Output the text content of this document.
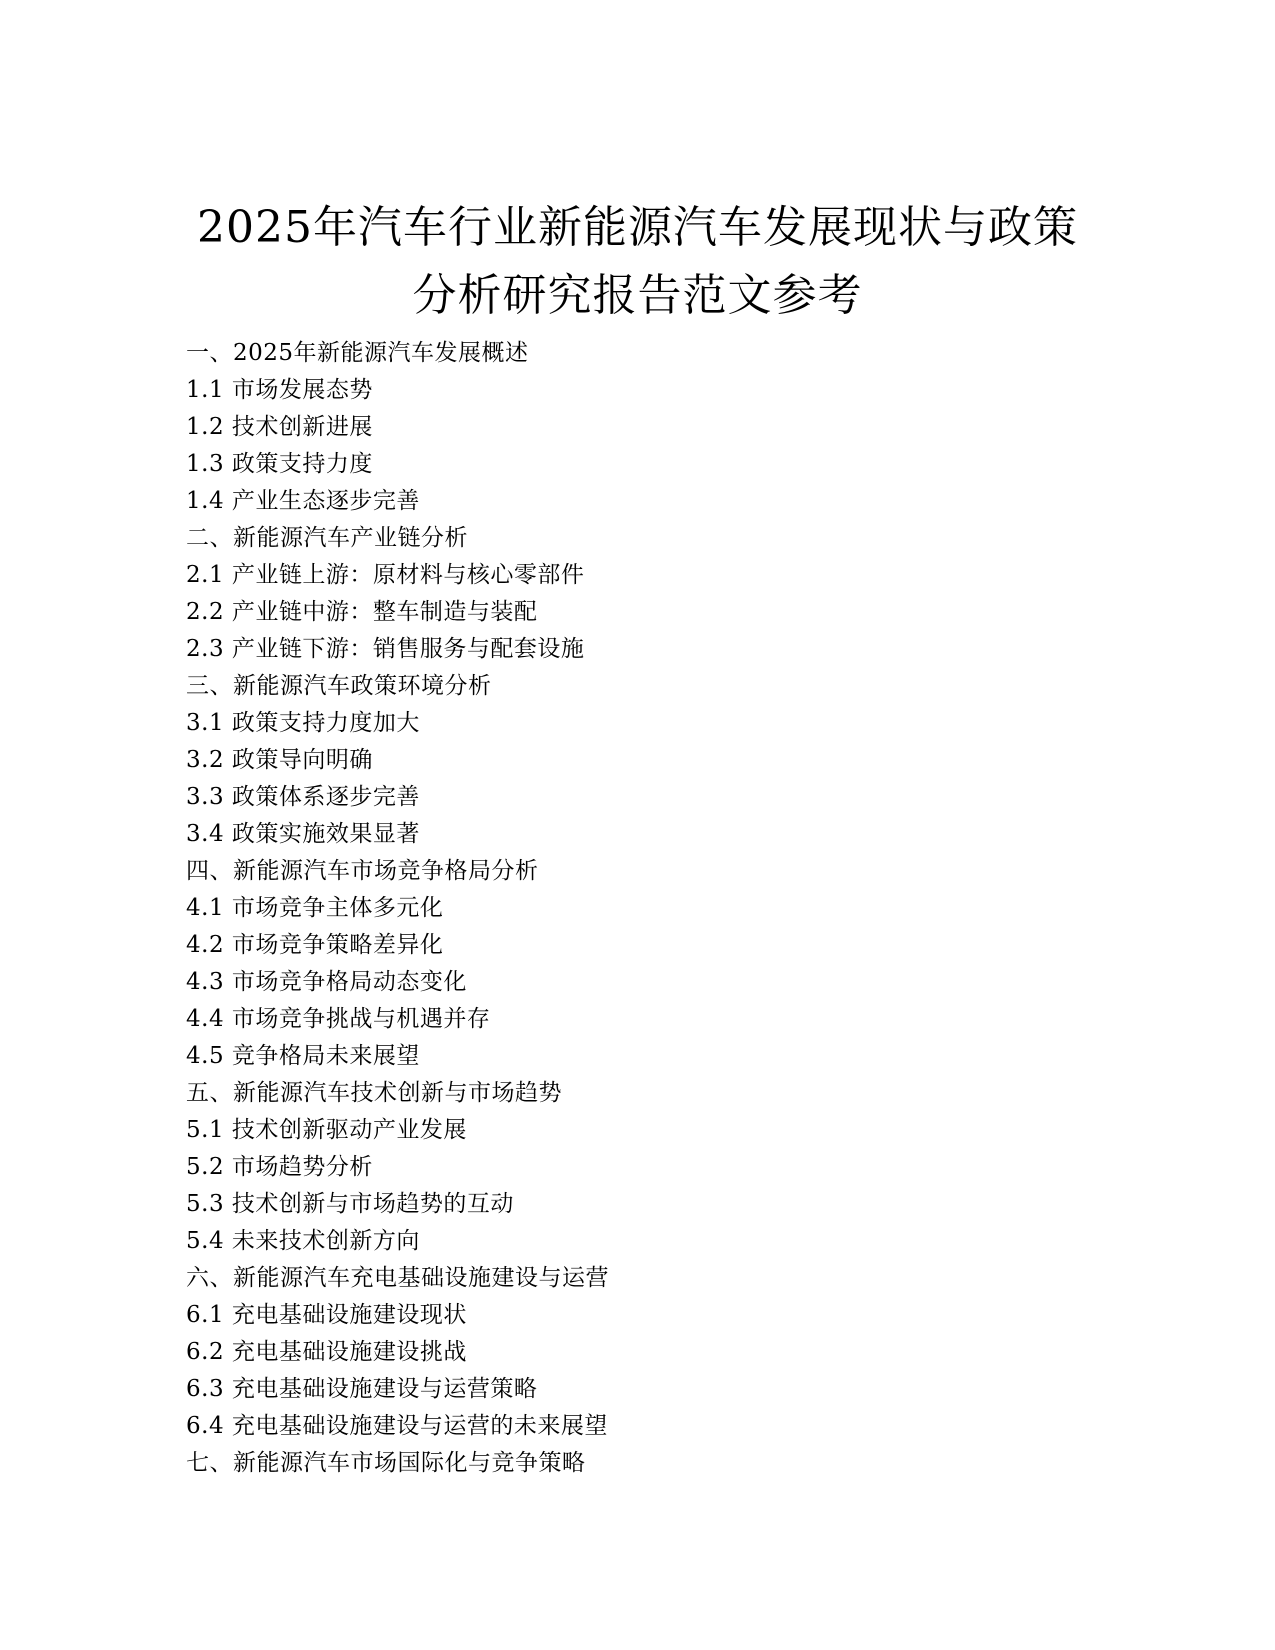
2025年汽车行业新能源汽车发展现状与政策
分析研究报告范文参考
一、2025年新能源汽车发展概述
1.1 市场发展态势
1.2 技术创新进展
1.3 政策支持力度
1.4 产业生态逐步完善
二、新能源汽车产业链分析
2.1 产业链上游：原材料与核心零部件
2.2 产业链中游：整车制造与装配
2.3 产业链下游：销售服务与配套设施
三、新能源汽车政策环境分析
3.1 政策支持力度加大
3.2 政策导向明确
3.3 政策体系逐步完善
3.4 政策实施效果显著
四、新能源汽车市场竞争格局分析
4.1 市场竞争主体多元化
4.2 市场竞争策略差异化
4.3 市场竞争格局动态变化
4.4 市场竞争挑战与机遇并存
4.5 竞争格局未来展望
五、新能源汽车技术创新与市场趋势
5.1 技术创新驱动产业发展
5.2 市场趋势分析
5.3 技术创新与市场趋势的互动
5.4 未来技术创新方向
六、新能源汽车充电基础设施建设与运营
6.1 充电基础设施建设现状
6.2 充电基础设施建设挑战
6.3 充电基础设施建设与运营策略
6.4 充电基础设施建设与运营的未来展望
七、新能源汽车市场国际化与竞争策略
